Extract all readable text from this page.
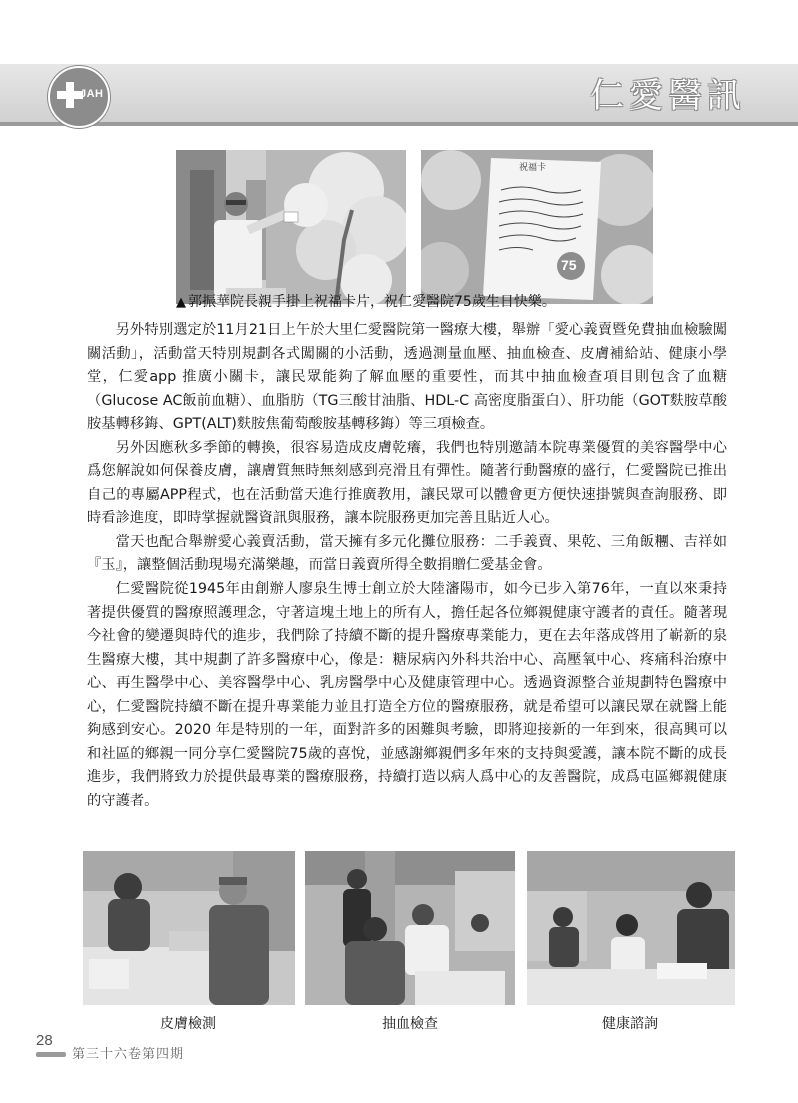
JAH	仁愛醫訊
祝福卡
75
▲ 郭振華院長親手掛上祝福卡片，祝仁愛醫院75歲生日快樂。

另外特別選定於11月21日上午於大里仁愛醫院第一醫療大樓，舉辦「愛心義賣暨免費抽血檢驗闖關活動」，活動當天特別規劃各式闖關的小活動，透過測量血壓、抽血檢查、皮膚補給站、健康小學堂，仁愛app 推廣小關卡，讓民眾能夠了解血壓的重要性，而其中抽血檢查項目則包含了血糖（Glucose AC飯前血糖）、血脂肪（TG三酸甘油脂、HDL-C 高密度脂蛋白）、肝功能（GOT麩胺草酸胺基轉移鋂、GPT(ALT)麩胺焦葡萄酸胺基轉移鋂）等三項檢查。

另外因應秋多季節的轉換，很容易造成皮膚乾癢，我們也特別邀請本院專業優質的美容醫學中心爲您解說如何保養皮膚，讓膚質無時無刻感到亮滑且有彈性。隨著行動醫療的盛行，仁愛醫院已推出自己的專屬APP程式，也在活動當天進行推廣教用，讓民眾可以體會更方便快速掛號與查詢服務、即時看診進度，即時掌握就醫資訊與服務，讓本院服務更加完善且貼近人心。

當天也配合舉辦愛心義賣活動，當天擁有多元化攤位服務：二手義賣、果乾、三角飯糰、吉祥如『玉』，讓整個活動現場充滿樂趣，而當日義賣所得全數捐贈仁愛基金會。

仁愛醫院從1945年由創辦人廖泉生博士創立於大陸瀋陽市，如今已步入第76年，一直以來秉持著提供優質的醫療照護理念，守著這塊土地上的所有人，擔任起各位鄉親健康守護者的責任。隨著現今社會的變遷與時代的進步，我們除了持續不斷的提升醫療專業能力，更在去年落成啓用了嶄新的泉生醫療大樓，其中規劃了許多醫療中心，像是：糖尿病內外科共治中心、高壓氧中心、疼痛科治療中心、再生醫學中心、美容醫學中心、乳房醫學中心及健康管理中心。透過資源整合並規劃特色醫療中心，仁愛醫院持續不斷在提升專業能力並且打造全方位的醫療服務，就是希望可以讓民眾在就醫上能夠感到安心。2020 年是特別的一年，面對許多的困難與考驗，即將迎接新的一年到來，很高興可以和社區的鄉親一同分享仁愛醫院75歲的喜悅，並感謝鄉親們多年來的支持與愛護，讓本院不斷的成長進步，我們將致力於提供最專業的醫療服務，持續打造以病人爲中心的友善醫院，成爲屯區鄉親健康的守護者。

皮膚檢測	抽血檢查	健康諮詢
28
第三十六卷第四期
